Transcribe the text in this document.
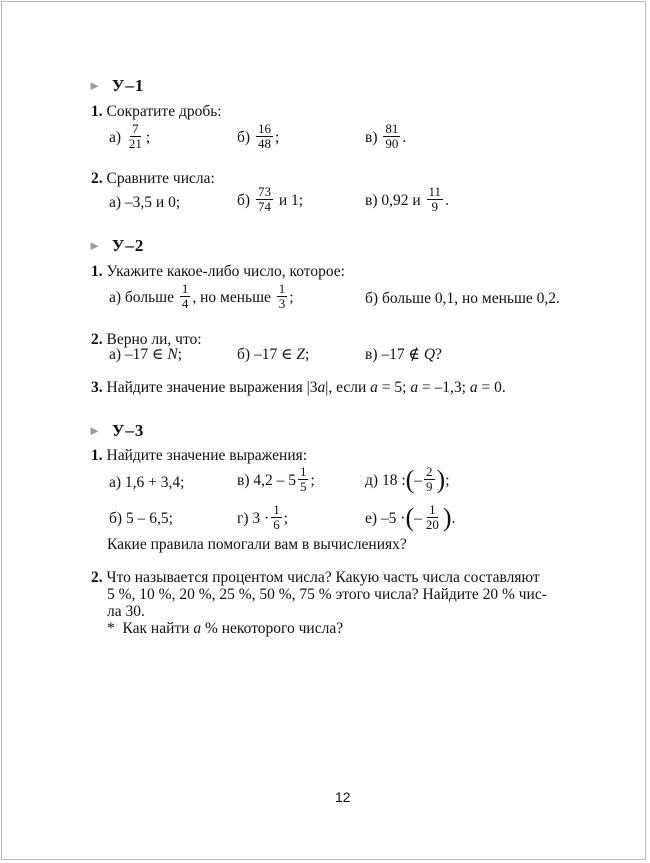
► У–1
1. Сократите дробь:
$а) \frac{7}{21}$ ;	$б) \frac{16}{48}$ ;	$в) \frac{81}{90}$ .
2. Сравните числа:
а) –3,5 и 0;	$б) \frac{73}{74}$ и 1;	в) 0,92 и $\frac{11}{9}$ .
► У–2
1. Укажите какое-либо число, которое:
а) больше $\frac{1}{4}$ , но меньше $\frac{1}{3}$ ;	б) больше 0,1, но меньше 0,2.
2. Верно ли, что:
а) –17 ∈ N;	б) –17 ∈ Z;	в) –17 ∉ Q?
3. Найдите значение выражения |3a|, если a = 5; a = –1,3; a = 0.
► У–3
1. Найдите значение выражения:
а) 1,6 + 3,4;	в) $4,2 - 5 \frac{1}{5}$ ;	д) 18 :(– $\frac{2}{9}$ );
б) 5 – 6,5;	г) $3 \cdot \frac{1}{6}$ ;	е) –5 ·(– $\frac{1}{20}$ ).
Какие правила помогали вам в вычислениях?
2. Что называется процентом числа? Какую часть числа составляют
5 %, 10 %, 20 %, 25 %, 50 %, 75 % этого числа? Найдите 20 % чис-
ла 30.
* Как найти a % некоторого числа?
12
